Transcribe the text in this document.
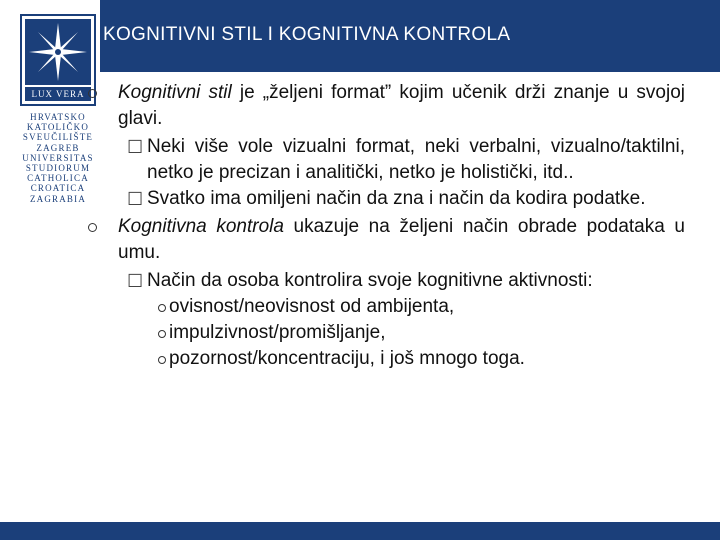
KOGNITIVNI STIL I KOGNITIVNA KONTROLA
LUX VERA
HRVATSKO
KATOLIČKO
SVEUČILIŠTE
ZAGREB
UNIVERSITAS
STUDIORUM
CATHOLICA
CROATICA
ZAGRABIA
Kognitivni stil je „željeni format” kojim učenik drži znanje u svojoj glavi.
☐ Neki više vole vizualni format, neki verbalni, vizualno/taktilni, netko je precizan i analitički, netko je holistički, itd..
☐ Svatko ima omiljeni način da zna i način da kodira podatke.
Kognitivna kontrola ukazuje na željeni način obrade podataka u umu.
☐ Način da osoba kontrolira svoje kognitivne aktivnosti:
ovisnost/neovisnost od ambijenta,
impulzivnost/promišljanje,
pozornost/koncentraciju, i još mnogo toga.
